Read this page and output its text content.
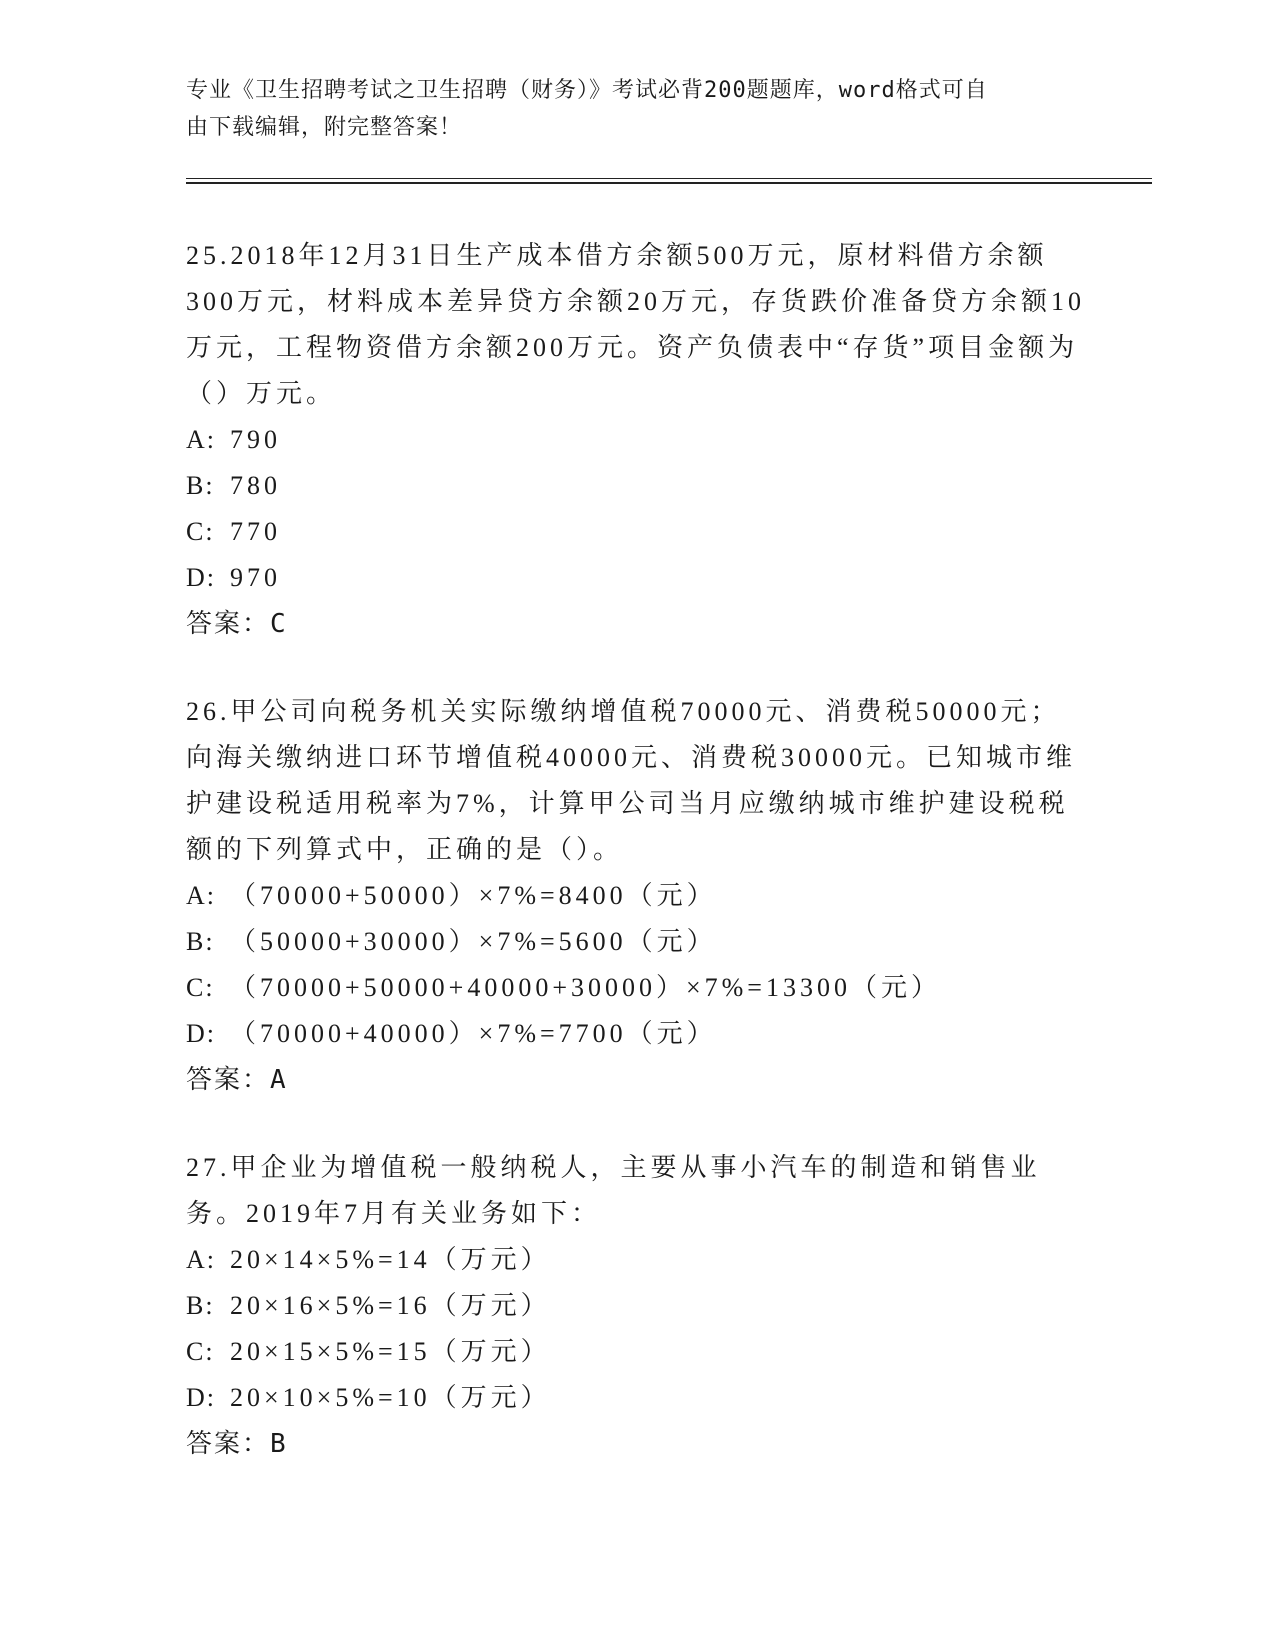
专业《卫生招聘考试之卫生招聘（财务）》考试必背200题题库，word格式可自
由下载编辑，附完整答案！

25.2018年12月31日生产成本借方余额500万元，原材料借方余额300万元，材料成本差异贷方余额20万元，存货跌价准备贷方余额10万元，工程物资借方余额200万元。资产负债表中“存货”项目金额为（）万元。

A: 790
B: 780
C: 770
D: 970

答案：C

26.甲公司向税务机关实际缴纳增值税70000元、消费税50000元；向海关缴纳进口环节增值税40000元、消费税30000元。已知城市维护建设税适用税率为7%，计算甲公司当月应缴纳城市维护建设税税额的下列算式中，正确的是（）。

A: （70000+50000）×7%=8400（元）
B: （50000+30000）×7%=5600（元）
C: （70000+50000+40000+30000）×7%=13300（元）
D: （70000+40000）×7%=7700（元）

答案：A

27.甲企业为增值税一般纳税人，主要从事小汽车的制造和销售业务。2019年7月有关业务如下：

A: 20×14×5%=14（万元）
B: 20×16×5%=16（万元）
C: 20×15×5%=15（万元）
D: 20×10×5%=10（万元）

答案：B
